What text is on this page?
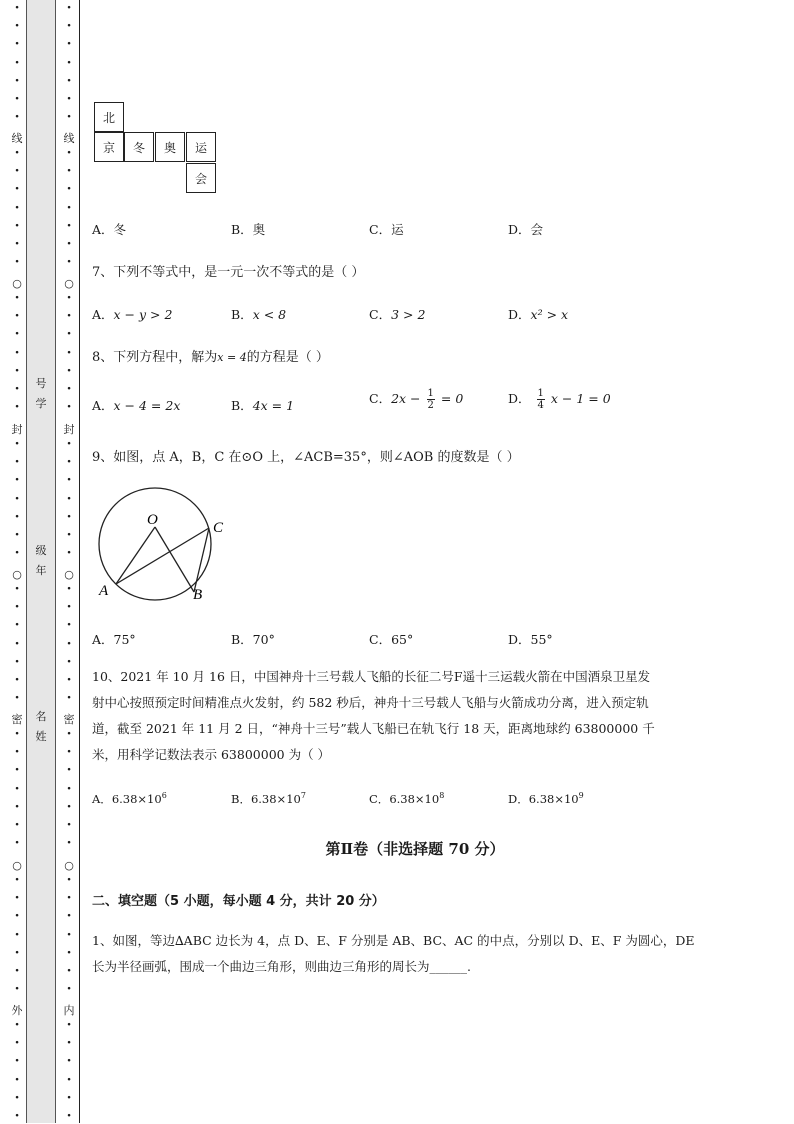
·
·
·
·
·
·
·
线
·
·
·
·
·
·
·
○
·
·
·
·
·
·
·
封
·
·
·
·
·
·
·
○
·
·
·
·
·
·
·
密
·
·
·
·
·
·
·
○
·
·
·
·
·
·
·
外
·
·
·
·
·
·
号
学
级
年
名
姓
·
·
·
·
·
·
·
线
·
·
·
·
·
·
·
○
·
·
·
·
·
·
·
封
·
·
·
·
·
·
·
○
·
·
·
·
·
·
·
密
·
·
·
·
·
·
·
○
·
·
·
·
·
·
·
内
·
·
·
·
·
·
北
京	冬	奥	运
会
A．冬	B．奥	C．运	D．会
7、下列不等式中，是一元一次不等式的是（ ）
A．x − y > 2	B．x < 8	C．3 > 2	D．x² > x
8、下列方程中，解为x = 4的方程是（ ）
A．x − 4 = 2x	B．4x = 1	C．$2x - \frac{1}{2} = 0$	D． $\frac{1}{4}$ x − 1 = 0
9、如图，点 A，B，C 在⊙O 上，∠ACB=35°，则∠AOB 的度数是（ ）
O	C
A	B
A．75°	B．70°	C．65°	D．55°
10、2021 年 10 月 16 日，中国神舟十三号载人飞船的长征二号F遥十三运载火箭在中国酒泉卫星发
射中心按照预定时间精准点火发射，约 582 秒后，神舟十三号载人飞船与火箭成功分离，进入预定轨
道，截至 2021 年 11 月 2 日，“神舟十三号”载人飞船已在轨飞行 18 天，距离地球约 63800000 千
米，用科学记数法表示 63800000 为（ ）
A．$6.38\times 10^6$	B．$6.38\times 10^7$	C．$6.38\times 10^8$	D．$6.38\times 10^9$
第Ⅱ卷（非选择题 70 分）
二、填空题（5 小题，每小题 4 分，共计 20 分）
1、如图，等边∆ABC 边长为 4，点 D、E、F 分别是 AB、BC、AC 的中点，分别以 D、E、F 为圆心，DE
长为半径画弧，围成一个曲边三角形，则曲边三角形的周长为______.
